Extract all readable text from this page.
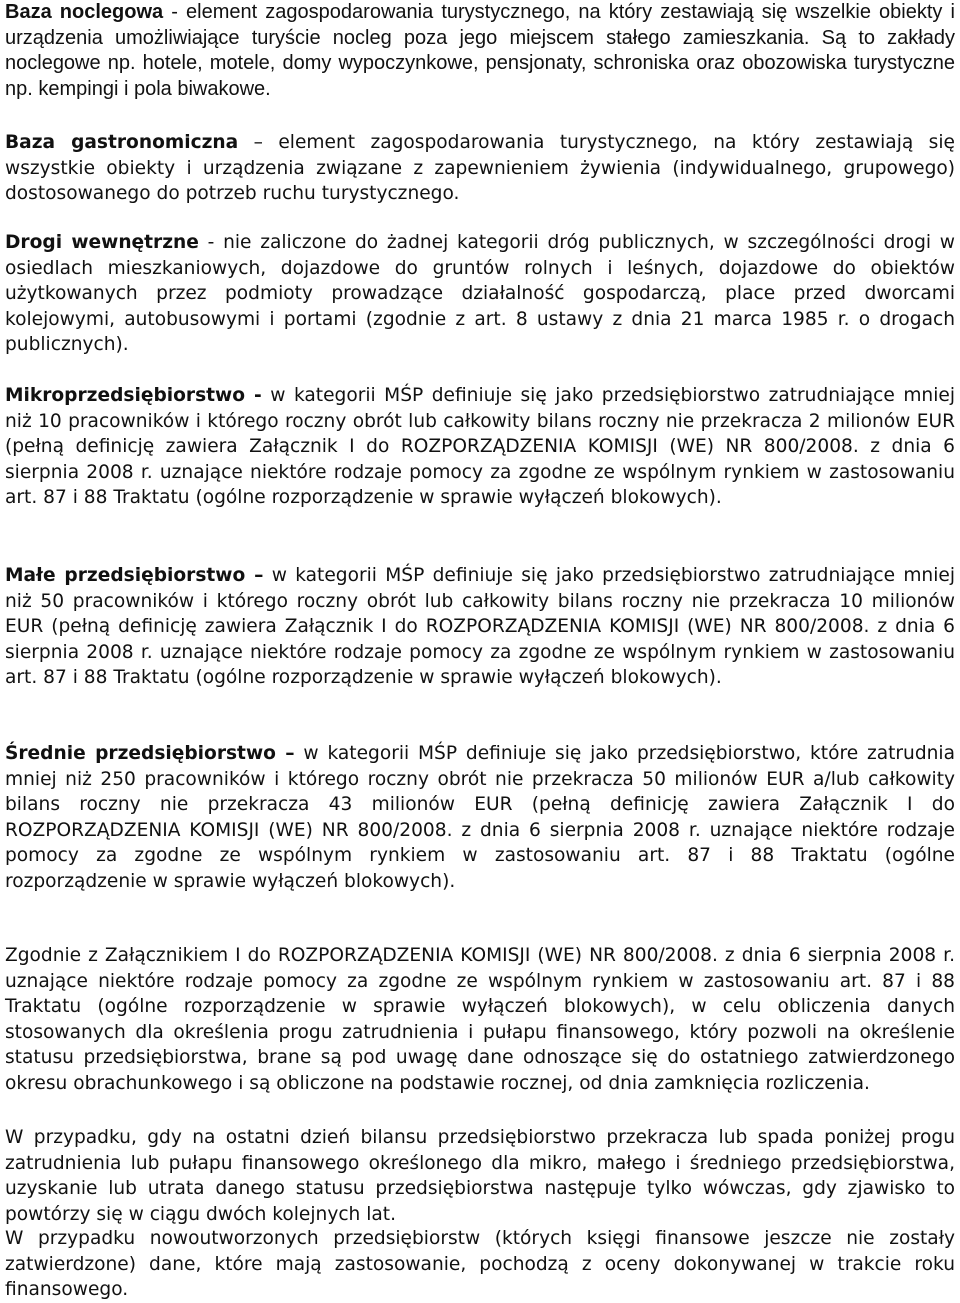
Baza noclegowa - element zagospodarowania turystycznego, na który zestawiają się wszelkie obiekty i urządzenia umożliwiające turyście nocleg poza jego miejscem stałego zamieszkania. Są to zakłady noclegowe np. hotele, motele, domy wypoczynkowe, pensjonaty, schroniska oraz obozowiska turystyczne np. kempingi i pola biwakowe.

Baza gastronomiczna – element zagospodarowania turystycznego, na który zestawiają się wszystkie obiekty i urządzenia związane z zapewnieniem żywienia (indywidualnego, grupowego) dostosowanego do potrzeb ruchu turystycznego.

Drogi wewnętrzne - nie zaliczone do żadnej kategorii dróg publicznych, w szczególności drogi w osiedlach mieszkaniowych, dojazdowe do gruntów rolnych i leśnych, dojazdowe do obiektów użytkowanych przez podmioty prowadzące działalność gospodarczą, place przed dworcami kolejowymi, autobusowymi i portami (zgodnie z art. 8 ustawy z dnia 21 marca 1985 r. o drogach publicznych).

Mikroprzedsiębiorstwo - w kategorii MŚP definiuje się jako przedsiębiorstwo zatrudniające mniej niż 10 pracowników i którego roczny obrót lub całkowity bilans roczny nie przekracza 2 milionów EUR (pełną definicję zawiera Załącznik I do ROZPORZĄDZENIA KOMISJI (WE) NR 800/2008. z dnia 6 sierpnia 2008 r. uznające niektóre rodzaje pomocy za zgodne ze wspólnym rynkiem w zastosowaniu art. 87 i 88 Traktatu (ogólne rozporządzenie w sprawie wyłączeń blokowych).

Małe przedsiębiorstwo – w kategorii MŚP definiuje się jako przedsiębiorstwo zatrudniające mniej niż 50 pracowników i którego roczny obrót lub całkowity bilans roczny nie przekracza 10 milionów EUR (pełną definicję zawiera Załącznik I do ROZPORZĄDZENIA KOMISJI (WE) NR 800/2008. z dnia 6 sierpnia 2008 r. uznające niektóre rodzaje pomocy za zgodne ze wspólnym rynkiem w zastosowaniu art. 87 i 88 Traktatu (ogólne rozporządzenie w sprawie wyłączeń blokowych).

Średnie przedsiębiorstwo – w kategorii MŚP definiuje się jako przedsiębiorstwo, które zatrudnia mniej niż 250 pracowników i którego roczny obrót nie przekracza 50 milionów EUR a/lub całkowity bilans roczny nie przekracza 43 milionów EUR (pełną definicję zawiera Załącznik I do ROZPORZĄDZENIA KOMISJI (WE) NR 800/2008. z dnia 6 sierpnia 2008 r. uznające niektóre rodzaje pomocy za zgodne ze wspólnym rynkiem w zastosowaniu art. 87 i 88 Traktatu (ogólne rozporządzenie w sprawie wyłączeń blokowych).

Zgodnie z Załącznikiem I do ROZPORZĄDZENIA KOMISJI (WE) NR 800/2008. z dnia 6 sierpnia 2008 r. uznające niektóre rodzaje pomocy za zgodne ze wspólnym rynkiem w zastosowaniu art. 87 i 88 Traktatu (ogólne rozporządzenie w sprawie wyłączeń blokowych), w celu obliczenia danych stosowanych dla określenia progu zatrudnienia i pułapu finansowego, który pozwoli na określenie statusu przedsiębiorstwa, brane są pod uwagę dane odnoszące się do ostatniego zatwierdzonego okresu obrachunkowego i są obliczone na podstawie rocznej, od dnia zamknięcia rozliczenia.

W przypadku, gdy na ostatni dzień bilansu przedsiębiorstwo przekracza lub spada poniżej progu zatrudnienia lub pułapu finansowego określonego dla mikro, małego i średniego przedsiębiorstwa, uzyskanie lub utrata danego statusu przedsiębiorstwa następuje tylko wówczas, gdy zjawisko to powtórzy się w ciągu dwóch kolejnych lat.

W przypadku nowoutworzonych przedsiębiorstw (których księgi finansowe jeszcze nie zostały zatwierdzone) dane, które mają zastosowanie, pochodzą z oceny dokonywanej w trakcie roku finansowego.
